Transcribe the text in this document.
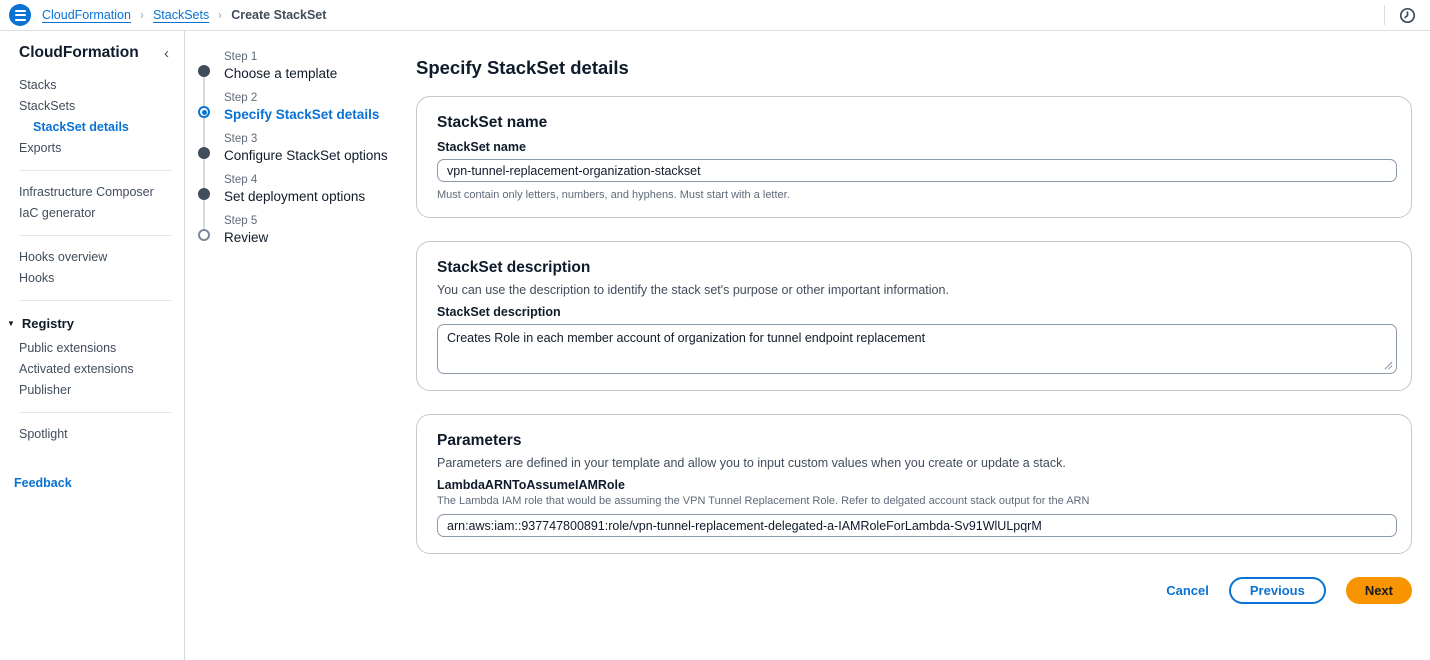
CloudFormation › StackSets › Create StackSet
CloudFormation ‹
Stacks
StackSets
StackSet details
Exports
Infrastructure Composer
IaC generator
Hooks overview
Hooks
▼ Registry
Public extensions
Activated extensions
Publisher
Spotlight
Feedback
Step 1
Choose a template
Step 2
Specify StackSet details
Step 3
Configure StackSet options
Step 4
Set deployment options
Step 5
Review
Specify StackSet details
StackSet name
StackSet name
vpn-tunnel-replacement-organization-stackset
Must contain only letters, numbers, and hyphens. Must start with a letter.
StackSet description
You can use the description to identify the stack set's purpose or other important information.
StackSet description
Creates Role in each member account of organization for tunnel endpoint replacement
Parameters
Parameters are defined in your template and allow you to input custom values when you create or update a stack.
LambdaARNToAssumeIAMRole
The Lambda IAM role that would be assuming the VPN Tunnel Replacement Role. Refer to delgated account stack output for the ARN
arn:aws:iam::937747800891:role/vpn-tunnel-replacement-delegated-a-IAMRoleForLambda-Sv91WlULpqrM
Cancel	Previous	Next
